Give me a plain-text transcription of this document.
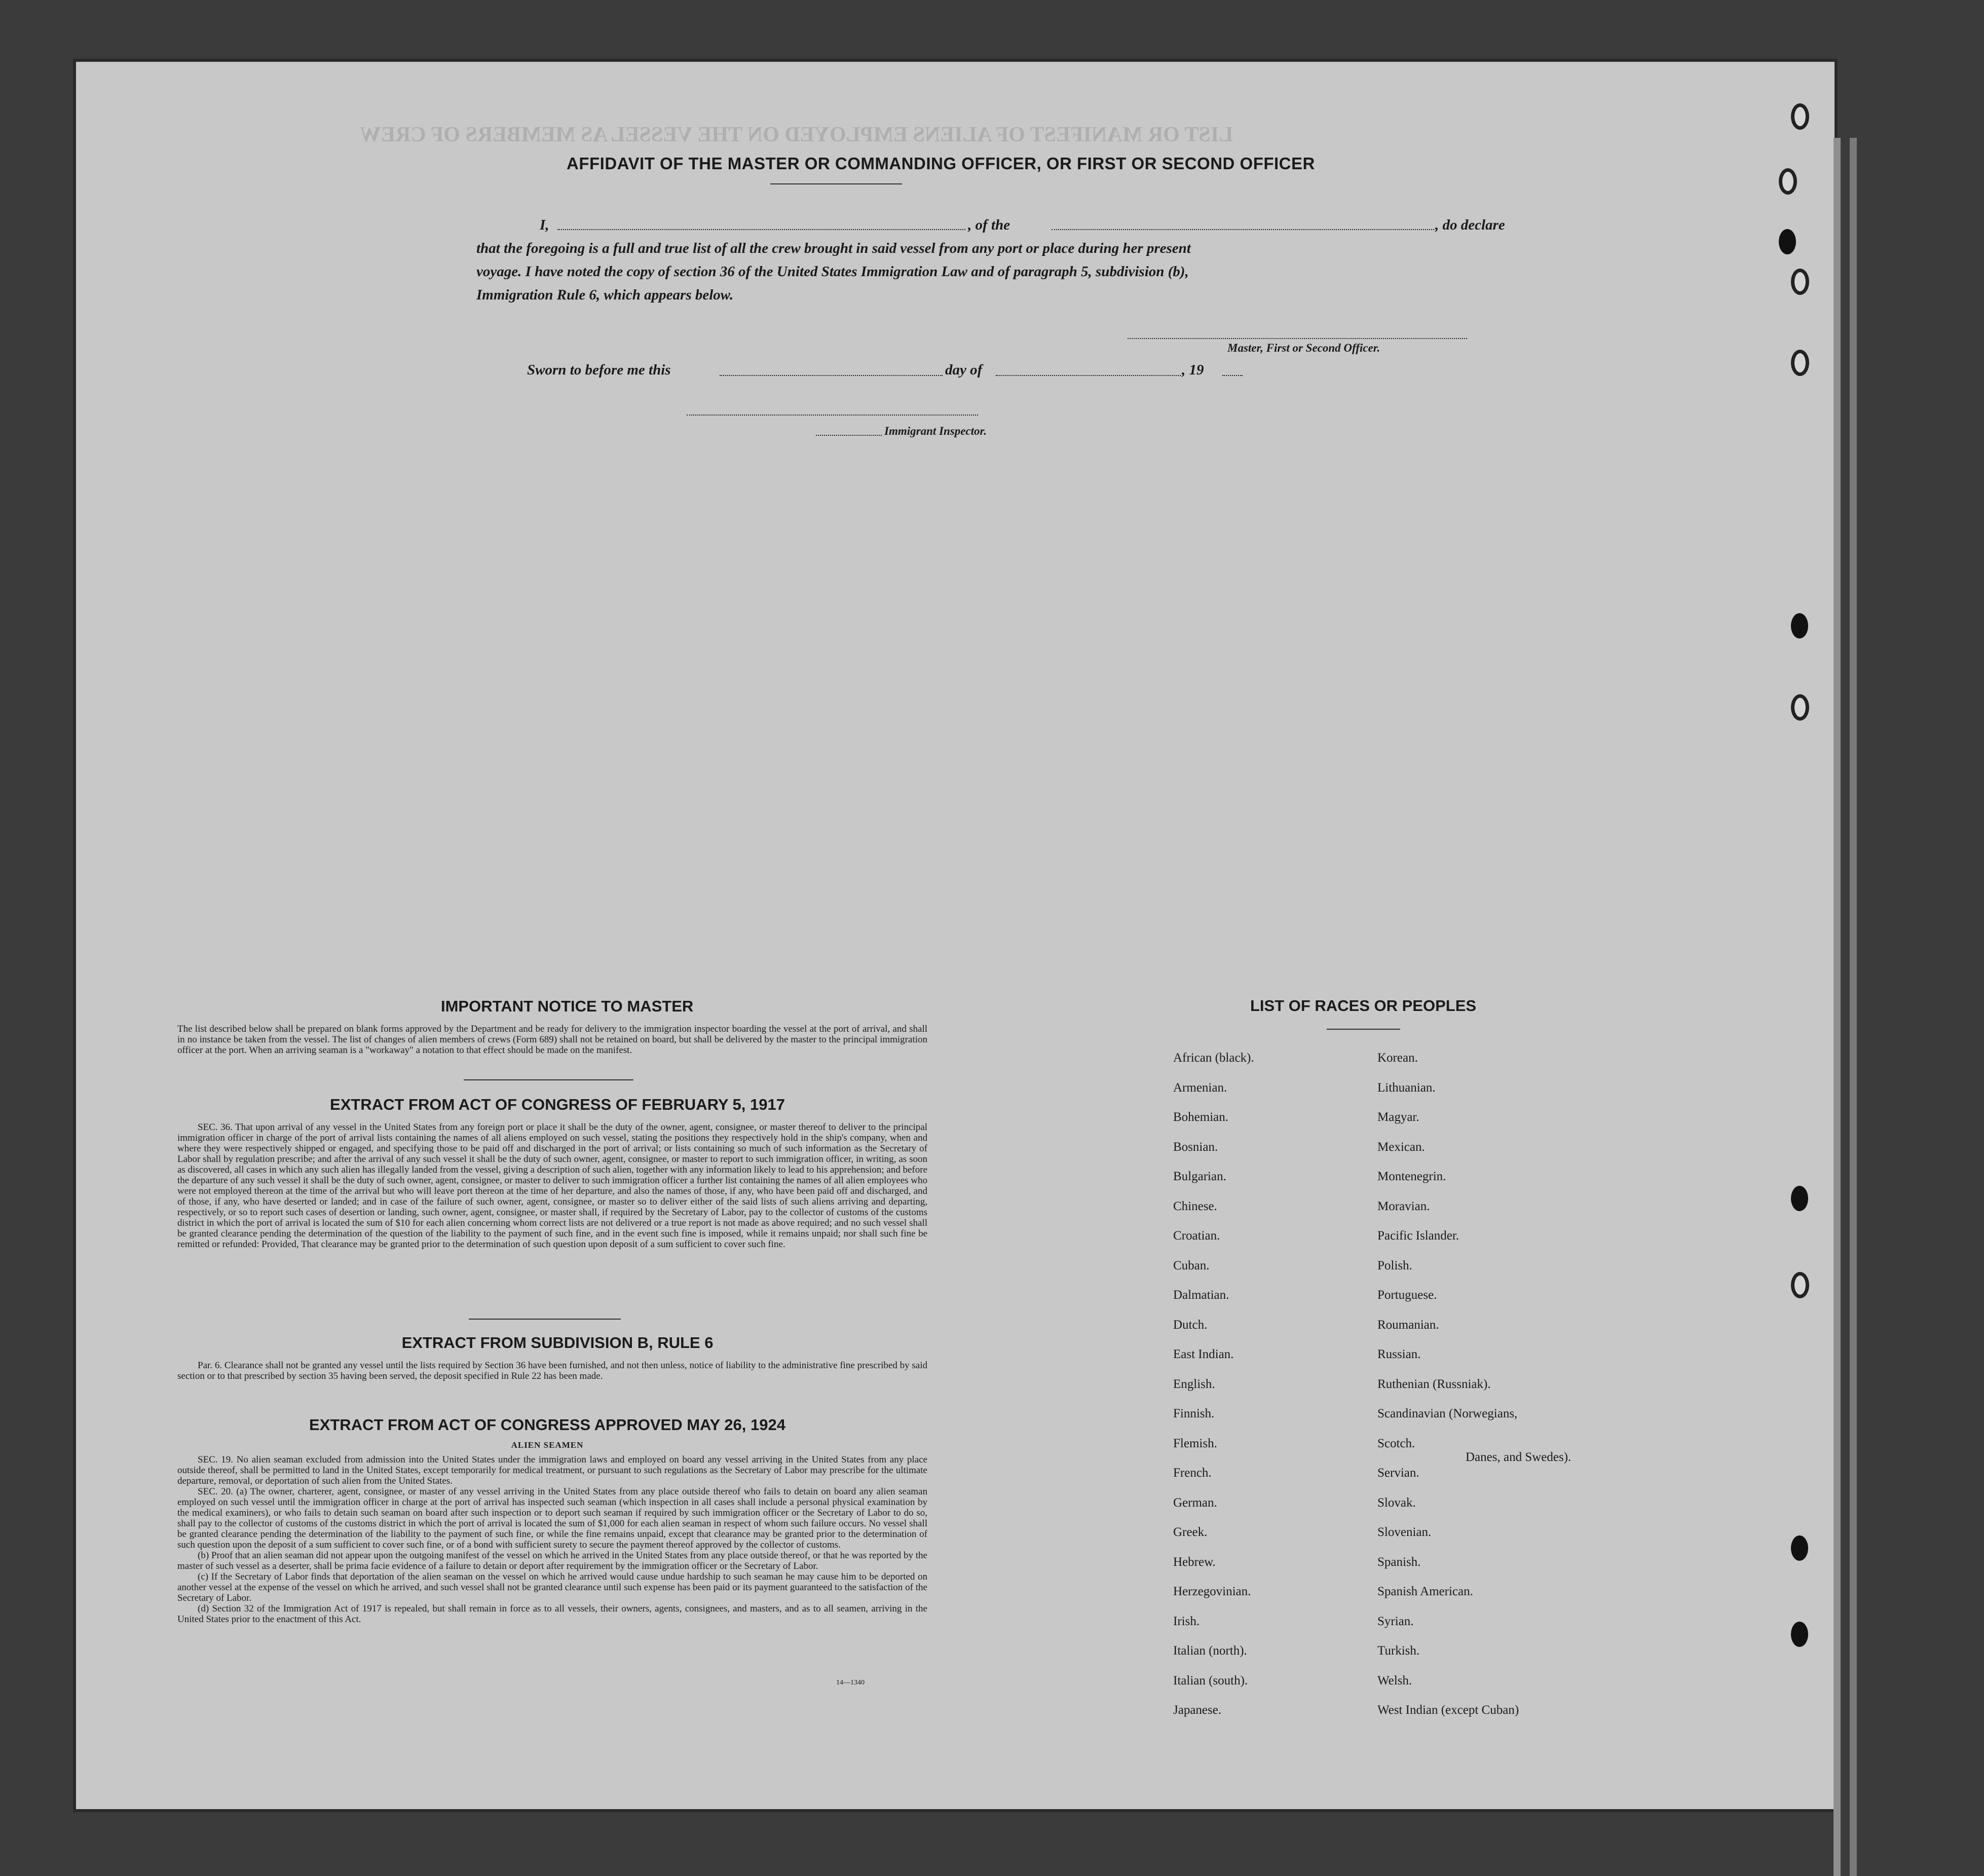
LIST OR MANIFEST OF ALIENS EMPLOYED ON THE VESSEL AS MEMBERS OF CREW
AFFIDAVIT OF THE MASTER OR COMMANDING OFFICER, OR FIRST OR SECOND OFFICER
I,	, of the	, do declare
that the foregoing is a full and true list of all the crew brought in said vessel from any port or place during her present
voyage. I have noted the copy of section 36 of the United States Immigration Law and of paragraph 5, subdivision (b),
Immigration Rule 6, which appears below.
Master, First or Second Officer.
Sworn to before me this	day of	, 19
Immigrant Inspector.
IMPORTANT NOTICE TO MASTER
The list described below shall be prepared on blank forms approved by the Department and be ready for delivery to the immigration inspector boarding the vessel at the port of arrival, and shall in no instance be taken from the vessel. The list of changes of alien members of crews (Form 689) shall not be retained on board, but shall be delivered by the master to the principal immigration officer at the port. When an arriving seaman is a "workaway" a notation to that effect should be made on the manifest.
EXTRACT FROM ACT OF CONGRESS OF FEBRUARY 5, 1917
SEC. 36. That upon arrival of any vessel in the United States from any foreign port or place it shall be the duty of the owner, agent, consignee, or master thereof to deliver to the principal immigration officer in charge of the port of arrival lists containing the names of all aliens employed on such vessel, stating the positions they respectively hold in the ship's company, when and where they were respectively shipped or engaged, and specifying those to be paid off and discharged in the port of arrival; or lists containing so much of such information as the Secretary of Labor shall by regulation prescribe; and after the arrival of any such vessel it shall be the duty of such owner, agent, consignee, or master to report to such immigration officer, in writing, as soon as discovered, all cases in which any such alien has illegally landed from the vessel, giving a description of such alien, together with any information likely to lead to his apprehension; and before the departure of any such vessel it shall be the duty of such owner, agent, consignee, or master to deliver to such immigration officer a further list containing the names of all alien employees who were not employed thereon at the time of the arrival but who will leave port thereon at the time of her departure, and also the names of those, if any, who have been paid off and discharged, and of those, if any, who have deserted or landed; and in case of the failure of such owner, agent, consignee, or master so to deliver either of the said lists of such aliens arriving and departing, respectively, or so to report such cases of desertion or landing, such owner, agent, consignee, or master shall, if required by the Secretary of Labor, pay to the collector of customs of the customs district in which the port of arrival is located the sum of $10 for each alien concerning whom correct lists are not delivered or a true report is not made as above required; and no such vessel shall be granted clearance pending the determination of the question of the liability to the payment of such fine, and in the event such fine is imposed, while it remains unpaid; nor shall such fine be remitted or refunded: Provided, That clearance may be granted prior to the determination of such question upon deposit of a sum sufficient to cover such fine.
EXTRACT FROM SUBDIVISION B, RULE 6
Par. 6. Clearance shall not be granted any vessel until the lists required by Section 36 have been furnished, and not then unless, notice of liability to the administrative fine prescribed by said section or to that prescribed by section 35 having been served, the deposit specified in Rule 22 has been made.
EXTRACT FROM ACT OF CONGRESS APPROVED MAY 26, 1924
ALIEN SEAMEN

SEC. 19. No alien seaman excluded from admission into the United States under the immigration laws and employed on board any vessel arriving in the United States from any place outside thereof, shall be permitted to land in the United States, except temporarily for medical treatment, or pursuant to such regulations as the Secretary of Labor may prescribe for the ultimate departure, removal, or deportation of such alien from the United States.

SEC. 20. (a) The owner, charterer, agent, consignee, or master of any vessel arriving in the United States from any place outside thereof who fails to detain on board any alien seaman employed on such vessel until the immigration officer in charge at the port of arrival has inspected such seaman (which inspection in all cases shall include a personal physical examination by the medical examiners), or who fails to detain such seaman on board after such inspection or to deport such seaman if required by such immigration officer or the Secretary of Labor to do so, shall pay to the collector of customs of the customs district in which the port of arrival is located the sum of $1,000 for each alien seaman in respect of whom such failure occurs. No vessel shall be granted clearance pending the determination of the liability to the payment of such fine, or while the fine remains unpaid, except that clearance may be granted prior to the determination of such question upon the deposit of a sum sufficient to cover such fine, or of a bond with sufficient surety to secure the payment thereof approved by the collector of customs.

(b) Proof that an alien seaman did not appear upon the outgoing manifest of the vessel on which he arrived in the United States from any place outside thereof, or that he was reported by the master of such vessel as a deserter, shall be prima facie evidence of a failure to detain or deport after requirement by the immigration officer or the Secretary of Labor.

(c) If the Secretary of Labor finds that deportation of the alien seaman on the vessel on which he arrived would cause undue hardship to such seaman he may cause him to be deported on another vessel at the expense of the vessel on which he arrived, and such vessel shall not be granted clearance until such expense has been paid or its payment guaranteed to the satisfaction of the Secretary of Labor.

(d) Section 32 of the Immigration Act of 1917 is repealed, but shall remain in force as to all vessels, their owners, agents, consignees, and masters, and as to all seamen, arriving in the United States prior to the enactment of this Act.

14—1340
LIST OF RACES OR PEOPLES
African (black).
Armenian.
Bohemian.
Bosnian.
Bulgarian.
Chinese.
Croatian.
Cuban.
Dalmatian.
Dutch.
East Indian.
English.
Finnish.
Flemish.
French.
German.
Greek.
Hebrew.
Herzegovinian.
Irish.
Italian (north).
Italian (south).
Japanese.
Korean.
Lithuanian.
Magyar.
Mexican.
Montenegrin.
Moravian.
Pacific Islander.
Polish.
Portuguese.
Roumanian.
Russian.
Ruthenian (Russniak).
Scandinavian (Norwegians,
Scotch.
Servian.
Slovak.
Slovenian.
Spanish.
Spanish American.
Syrian.
Turkish.
Welsh.
West Indian (except Cuban)
Danes, and Swedes).
